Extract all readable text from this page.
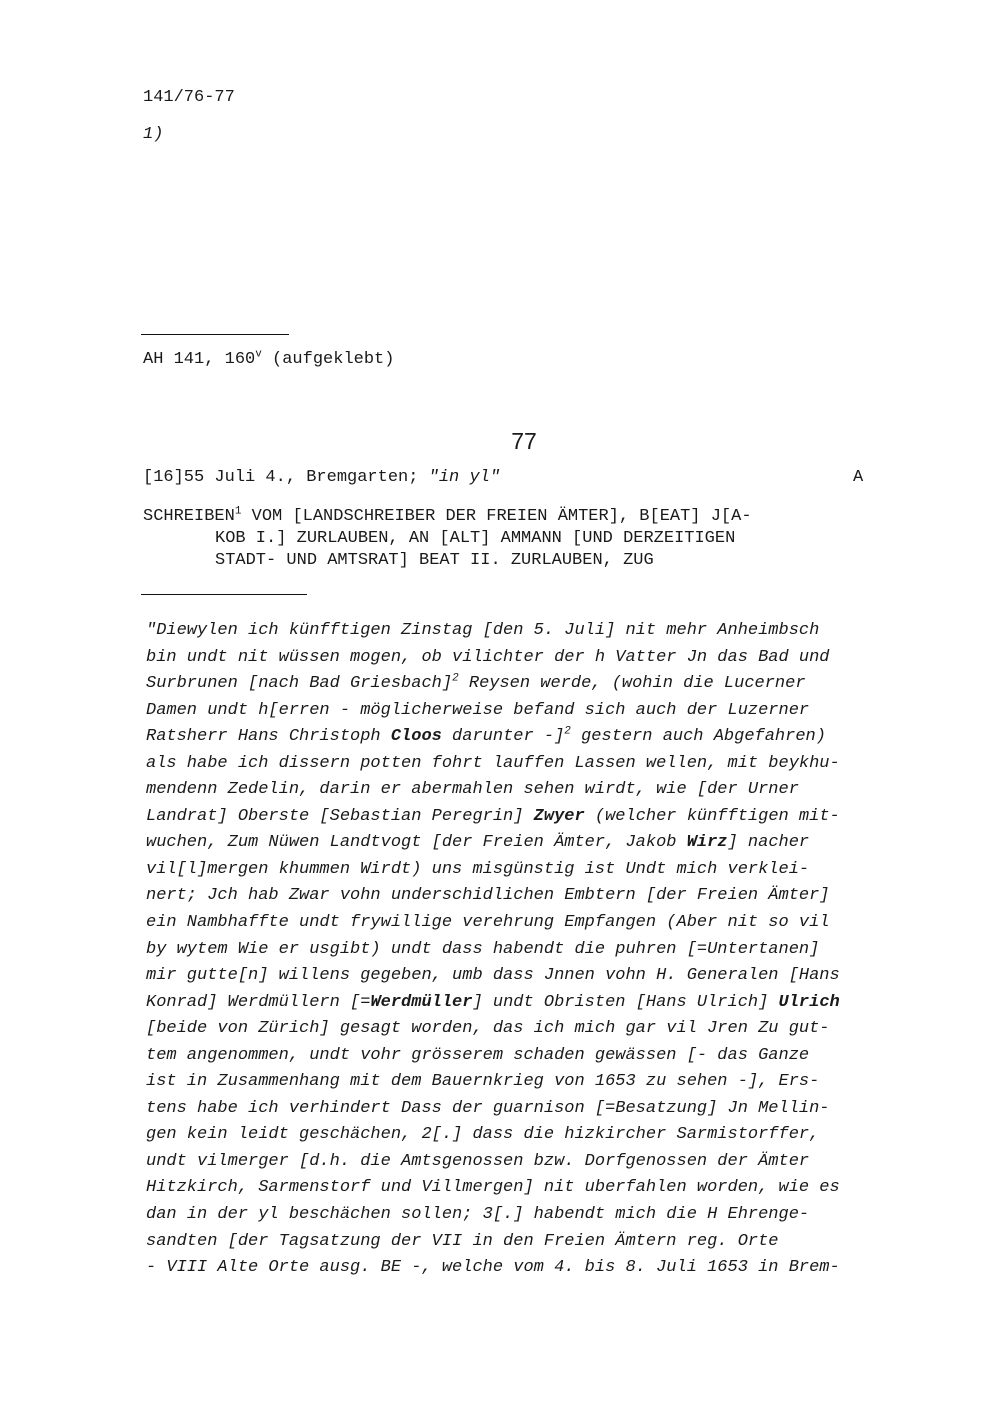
141/76-77
1)
AH 141, 160$^v$ (aufgeklebt)
77
[16]55 Juli 4., Bremgarten; "in yl"	A
SCHREIBEN$^1$ VOM [LANDSCHREIBER DER FREIEN ÄMTER], B[EAT] J[A-
KOB I.] ZURLAUBEN, AN [ALT] AMMANN [UND DERZEITIGEN
STADT- UND AMTSRAT] BEAT II. ZURLAUBEN, ZUG
"Diewylen ich künfftigen Zinstag [den 5. Juli] nit mehr Anheimbsch
bin undt nit wüssen mogen, ob vilichter der h Vatter Jn das Bad und
Surbrunen [nach Bad Griesbach]$^2$ Reysen werde, (wohin die Lucerner
Damen undt h[erren - möglicherweise befand sich auch der Luzerner
Ratsherr Hans Christoph Cloos darunter -]$^2$ gestern auch Abgefahren)
als habe ich dissern potten fohrt lauffen Lassen wellen, mit beykhu-
mendenn Zedelin, darin er abermahlen sehen wirdt, wie [der Urner
Landrat] Oberste [Sebastian Peregrin] Zwyer (welcher künfftigen mit-
wuchen, Zum Nüwen Landtvogt [der Freien Ämter, Jakob Wirz] nacher
vil[l]mergen khummen Wirdt) uns misgünstig ist Undt mich verklei-
nert; Jch hab Zwar vohn underschidlichen Embtern [der Freien Ämter]
ein Nambhaffte undt frywillige verehrung Empfangen (Aber nit so vil
by wytem Wie er usgibt) undt dass habendt die puhren [=Untertanen]
mir gutte[n] willens gegeben, umb dass Jnnen vohn H. Generalen [Hans
Konrad] Werdmüllern [=Werdmüller] undt Obristen [Hans Ulrich] Ulrich
[beide von Zürich] gesagt worden, das ich mich gar vil Jren Zu gut-
tem angenommen, undt vohr grösserem schaden gewässen [- das Ganze
ist in Zusammenhang mit dem Bauernkrieg von 1653 zu sehen -], Ers-
tens habe ich verhindert Dass der guarnison [=Besatzung] Jn Mellin-
gen kein leidt geschächen, 2[.] dass die hizkircher Sarmistorffer,
undt vilmerger [d.h. die Amtsgenossen bzw. Dorfgenossen der Ämter
Hitzkirch, Sarmenstorf und Villmergen] nit uberfahlen worden, wie es
dan in der yl beschächen sollen; 3[.] habendt mich die H Ehrenge-
sandten [der Tagsatzung der VII in den Freien Ämtern reg. Orte
- VIII Alte Orte ausg. BE -, welche vom 4. bis 8. Juli 1653 in Brem-
